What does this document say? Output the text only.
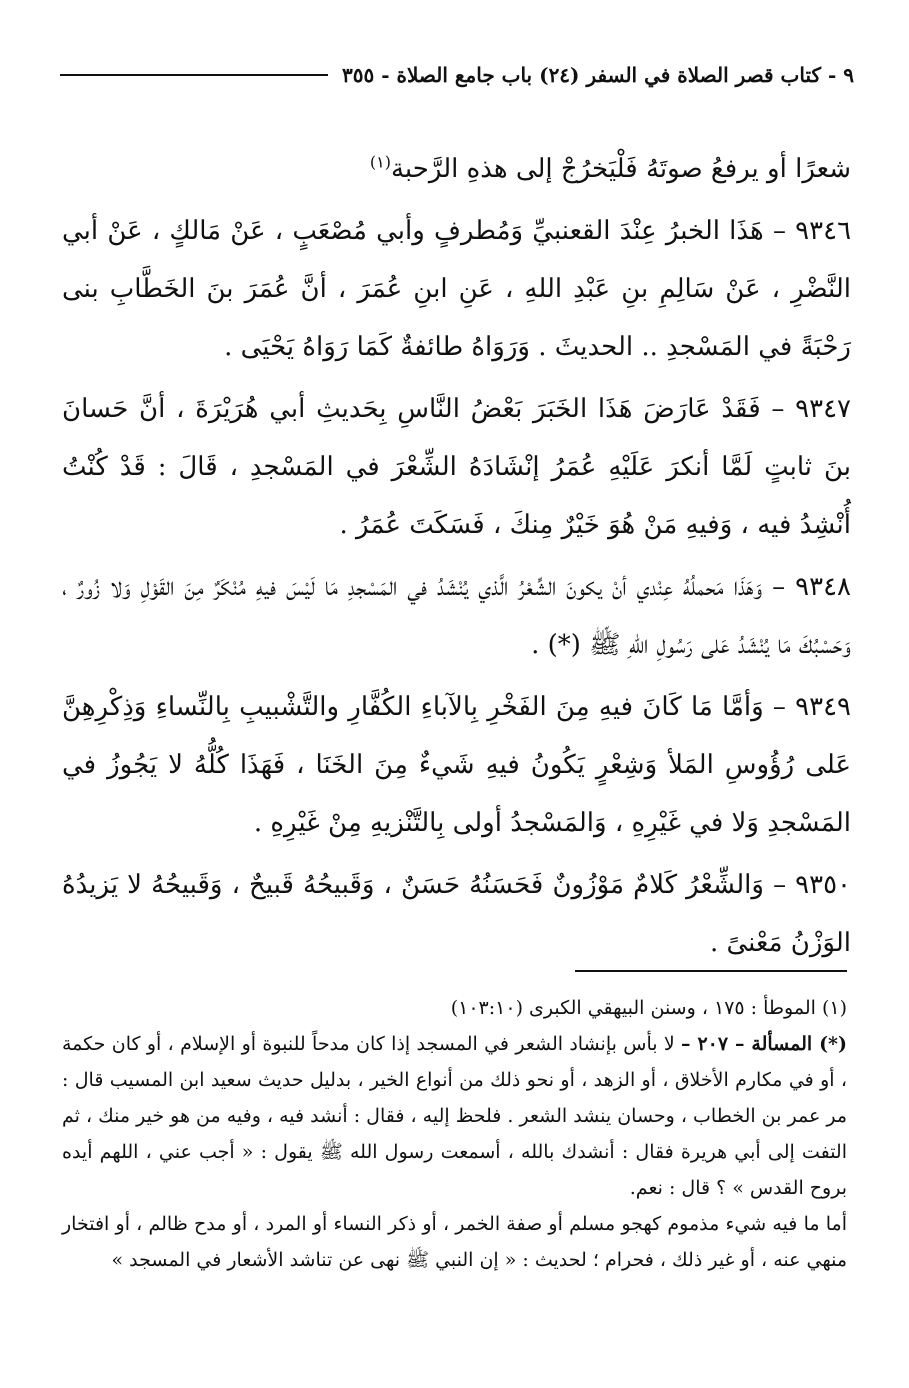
٩ - كتاب قصر الصلاة في السفر (٢٤) باب جامع الصلاة - ٣٥٥

شعرًا أو يرفعُ صوتَهُ فَلْيَخرُجْ إلى هذهِ الرَّحبة$^{(١)}$

٩٣٤٦ – هَذَا الخبرُ عِنْدَ القعنبيِّ وَمُطرفٍ وأبي مُصْعَبٍ ، عَنْ مَالكٍ ، عَنْ أبي النَّضْرِ ، عَنْ سَالِمِ بنِ عَبْدِ اللهِ ، عَنِ ابنِ عُمَرَ ، أنَّ عُمَرَ بنَ الخَطَّابِ بنى رَحْبَةً في المَسْجدِ .. الحديثَ . وَرَوَاهُ طائفةٌ كَمَا رَوَاهُ يَحْيَى .

٩٣٤٧ – فَقَدْ عَارَضَ هَذَا الخَبَرَ بَعْضُ النَّاسِ بِحَديثِ أبي هُرَيْرَةَ ، أنَّ حَسانَ بنَ ثابتٍ لَمَّا أنكرَ عَلَيْهِ عُمَرُ إنْشَادَهُ الشِّعْرَ في المَسْجدِ ، قَالَ : قَدْ كُنْتُ أُنْشِدُ فيه ، وَفيهِ مَنْ هُوَ خَيْرٌ مِنكَ ، فَسَكَتَ عُمَرُ .

٩٣٤٨ – وَهَذَا مَحملُهُ عِنْدي أنْ يكونَ الشِّعْرُ الَّذي يُنْشَدُ في المَسْجدِ مَا لَيْسَ فيهِ مُنْكَرٌ مِنَ القَوْلِ وَلا زُورٌ ، وَحَسْبُكَ مَا يُنْشَدُ عَلى رَسُولِ اللهِ ﷺ (*) .

٩٣٤٩ – وَأمَّا مَا كَانَ فيهِ مِنَ الفَخْرِ بِالآباءِ الكُفَّارِ والتَّشْبيبِ بِالنِّساءِ وَذِكْرِهِنَّ عَلى رُؤُوسِ المَلأ وَشِعْرٍ يَكُونُ فيهِ شَيءٌ مِنَ الخَنَا ، فَهَذَا كُلُّهُ لا يَجُوزُ في المَسْجدِ وَلا في غَيْرِهِ ، وَالمَسْجدُ أولى بِالتَّنْزيهِ مِنْ غَيْرِهِ .

٩٣٥٠ – وَالشِّعْرُ كَلامٌ مَوْزُونٌ فَحَسَنُهُ حَسَنٌ ، وَقَبيحُهُ قَبيحٌ ، وَقَبيحُهُ لا يَزيدُهُ الوَزْنُ مَعْنىً .

(١) الموطأ : ١٧٥ ، وسنن البيهقي الكبرى (١٠٣:١٠)

(*) المسألة – ٢٠٧ – لا بأس بإنشاد الشعر في المسجد إذا كان مدحاً للنبوة أو الإسلام ، أو كان حكمة ، أو في مكارم الأخلاق ، أو الزهد ، أو نحو ذلك من أنواع الخير ، بدليل حديث سعيد ابن المسيب قال : مر عمر بن الخطاب ، وحسان ينشد الشعر . فلحظ إليه ، فقال : أنشد فيه ، وفيه من هو خير منك ، ثم التفت إلى أبي هريرة فقال : أنشدك بالله ، أسمعت رسول الله ﷺ يقول : « أجب عني ، اللهم أيده بروح القدس » ؟ قال : نعم.

أما ما فيه شيء مذموم كهجو مسلم أو صفة الخمر ، أو ذكر النساء أو المرد ، أو مدح ظالم ، أو افتخار منهي عنه ، أو غير ذلك ، فحرام ؛ لحديث : « إن النبي ﷺ نهى عن تناشد الأشعار في المسجد »
